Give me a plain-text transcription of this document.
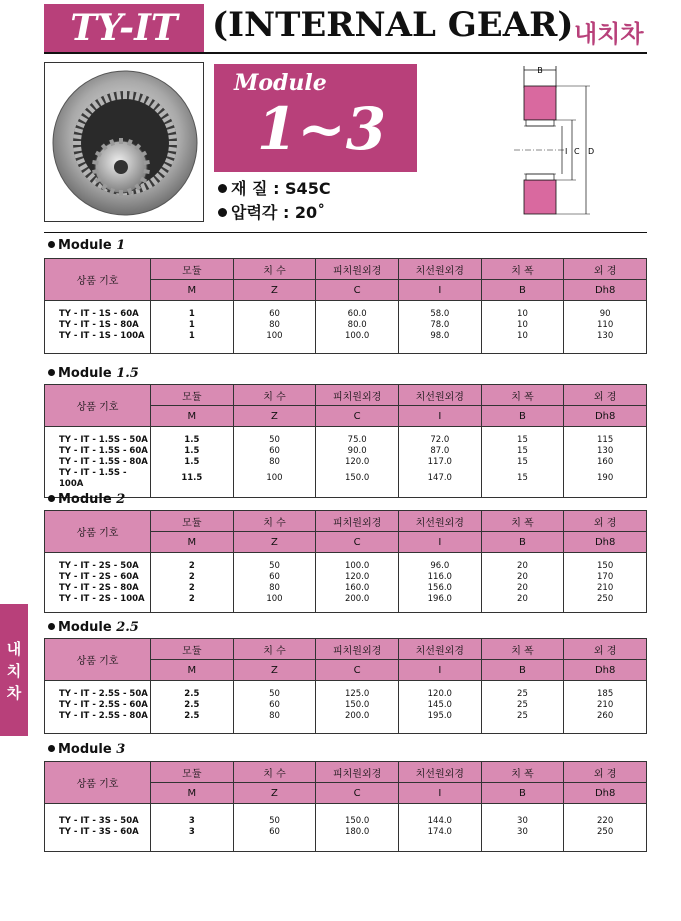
TY-IT	(INTERNAL GEAR) 내치차
Module
1~3
재 질 : S45C
압력각 : 20˚
B
I C D
Module 1
상품 기호	모듈	치 수	피치원외경	치선원외경	치 폭	외 경
	M	Z	C	I	B	Dh8

TY - IT - 1S - 60A	1	60	60.0	58.0	10	90
TY - IT - 1S - 80A	1	80	80.0	78.0	10	110
TY - IT - 1S - 100A	1	100	100.0	98.0	10	130

Module 1.5
상품 기호	모듈	치 수	피치원외경	치선원외경	치 폭	외 경
	M	Z	C	I	B	Dh8

TY - IT - 1.5S - 50A	1.5	50	75.0	72.0	15	115
TY - IT - 1.5S - 60A	1.5	60	90.0	87.0	15	130
TY - IT - 1.5S - 80A	1.5	80	120.0	117.0	15	160
TY - IT - 1.5S - 100A	11.5	100	150.0	147.0	15	190

Module 2
상품 기호	모듈	치 수	피치원외경	치선원외경	치 폭	외 경
	M	Z	C	I	B	Dh8

TY - IT - 2S - 50A	2	50	100.0	96.0	20	150
TY - IT - 2S - 60A	2	60	120.0	116.0	20	170
TY - IT - 2S - 80A	2	80	160.0	156.0	20	210
TY - IT - 2S - 100A	2	100	200.0	196.0	20	250

Module 2.5
상품 기호	모듈	치 수	피치원외경	치선원외경	치 폭	외 경
	M	Z	C	I	B	Dh8

TY - IT - 2.5S - 50A	2.5	50	125.0	120.0	25	185
TY - IT - 2.5S - 60A	2.5	60	150.0	145.0	25	210
TY - IT - 2.5S - 80A	2.5	80	200.0	195.0	25	260

Module 3
상품 기호	모듈	치 수	피치원외경	치선원외경	치 폭	외 경
	M	Z	C	I	B	Dh8

TY - IT - 3S - 50A	3	50	150.0	144.0	30	220
TY - IT - 3S - 60A	3	60	180.0	174.0	30	250

내
치
차
